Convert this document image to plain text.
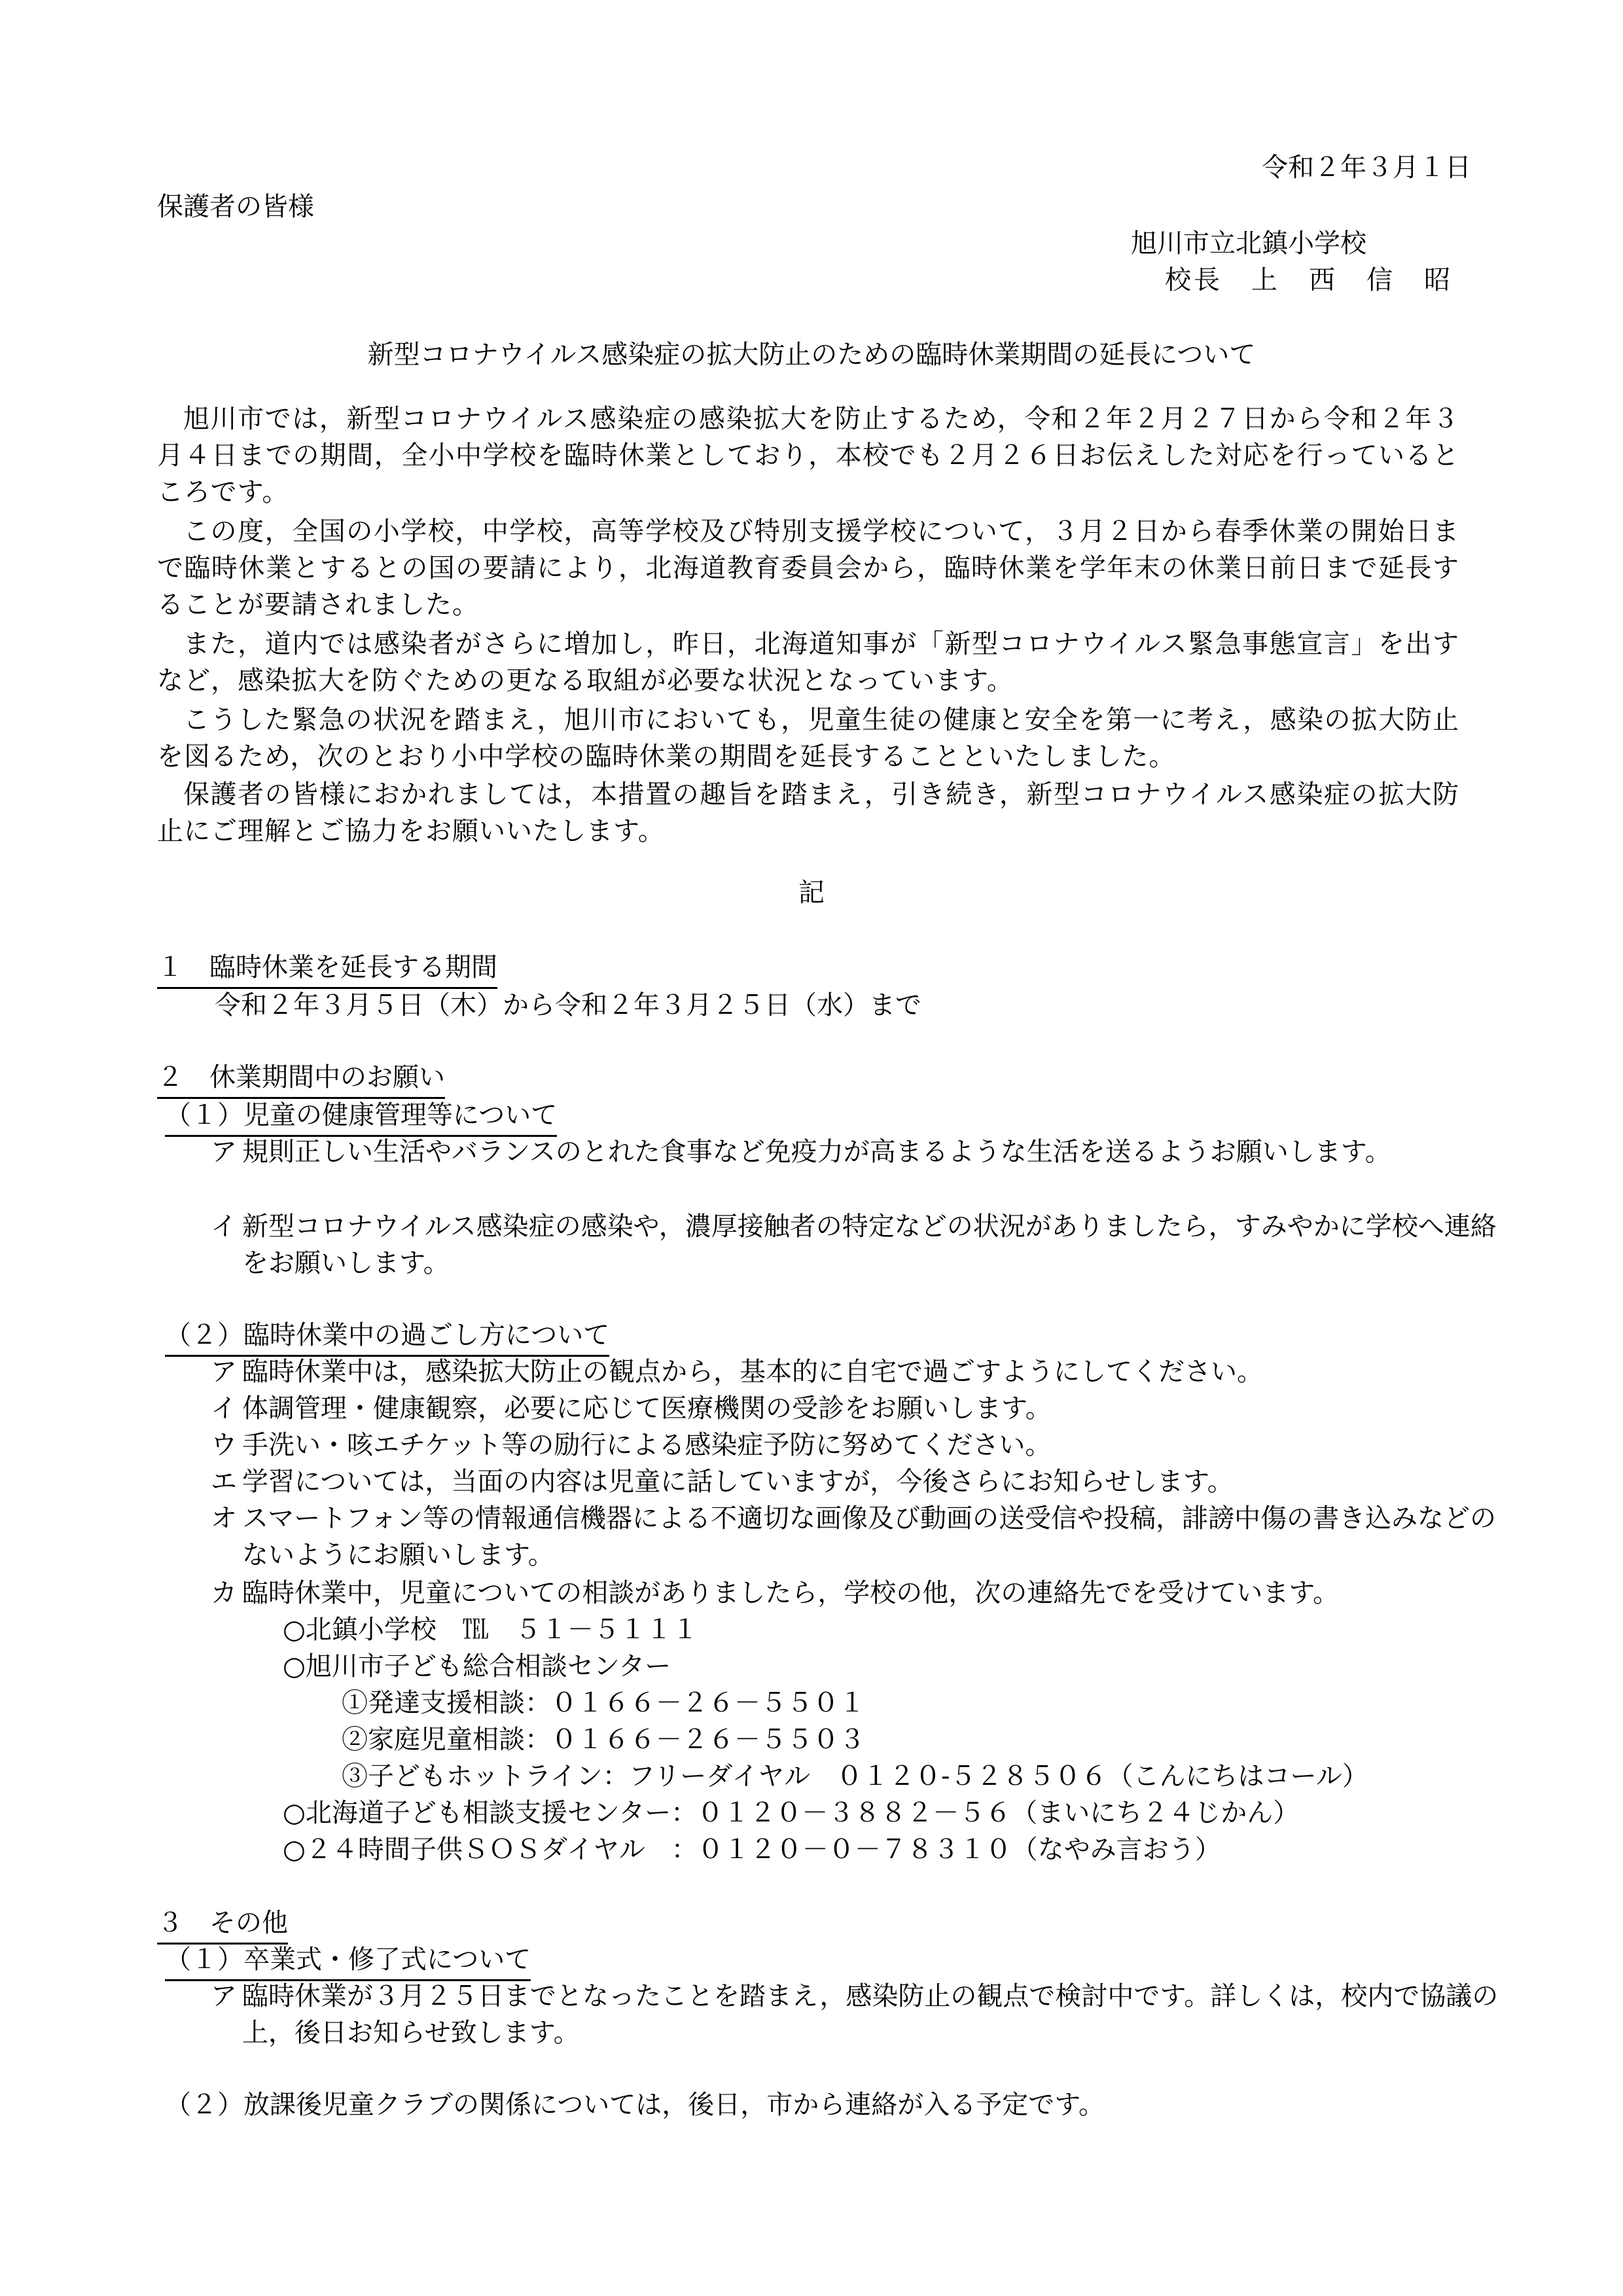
令和２年３月１日
保護者の皆様
旭川市立北鎮小学校
校長　上　西　信　昭
新型コロナウイルス感染症の拡大防止のための臨時休業期間の延長について
旭川市では，新型コロナウイルス感染症の感染拡大を防止するため，令和２年２月２７日から令和２年３月４日までの期間，全小中学校を臨時休業としており，本校でも２月２６日お伝えした対応を行っているところです。
この度，全国の小学校，中学校，高等学校及び特別支援学校について，３月２日から春季休業の開始日まで臨時休業とするとの国の要請により，北海道教育委員会から，臨時休業を学年末の休業日前日まで延長することが要請されました。
また，道内では感染者がさらに増加し，昨日，北海道知事が「新型コロナウイルス緊急事態宣言」を出すなど，感染拡大を防ぐための更なる取組が必要な状況となっています。
こうした緊急の状況を踏まえ，旭川市においても，児童生徒の健康と安全を第一に考え，感染の拡大防止を図るため，次のとおり小中学校の臨時休業の期間を延長することといたしました。
保護者の皆様におかれましては，本措置の趣旨を踏まえ，引き続き，新型コロナウイルス感染症の拡大防止にご理解とご協力をお願いいたします。
記
１　臨時休業を延長する期間
令和２年３月５日（木）から令和２年３月２５日（水）まで
２　休業期間中のお願い
（１）児童の健康管理等について
ア 規則正しい生活やバランスのとれた食事など免疫力が高まるような生活を送るようお願いします。
イ 新型コロナウイルス感染症の感染や，濃厚接触者の特定などの状況がありましたら，すみやかに学校へ連絡をお願いします。
（２）臨時休業中の過ごし方について
ア 臨時休業中は，感染拡大防止の観点から，基本的に自宅で過ごすようにしてください。
イ 体調管理・健康観察，必要に応じて医療機関の受診をお願いします。
ウ 手洗い・咳エチケット等の励行による感染症予防に努めてください。
エ 学習については，当面の内容は児童に話していますが，今後さらにお知らせします。
オ スマートフォン等の情報通信機器による不適切な画像及び動画の送受信や投稿，誹謗中傷の書き込みなどのないようにお願いします。
カ 臨時休業中，児童についての相談がありましたら，学校の他，次の連絡先でを受けています。
○北鎮小学校　℡　５１－５１１１
○旭川市子ども総合相談センター
①発達支援相談：０１６６－２６－５５０１
②家庭児童相談：０１６６－２６－５５０３
③子どもホットライン：フリーダイヤル　０１２０-５２８５０６（こんにちはコール）
○北海道子ども相談支援センター：０１２０－３８８２－５６（まいにち２４じかん）
○２４時間子供ＳＯＳダイヤル　：０１２０－０－７８３１０（なやみ言おう）
３　その他
（１）卒業式・修了式について
ア 臨時休業が３月２５日までとなったことを踏まえ，感染防止の観点で検討中です。詳しくは，校内で協議の上，後日お知らせ致します。
（２）放課後児童クラブの関係については，後日，市から連絡が入る予定です。
